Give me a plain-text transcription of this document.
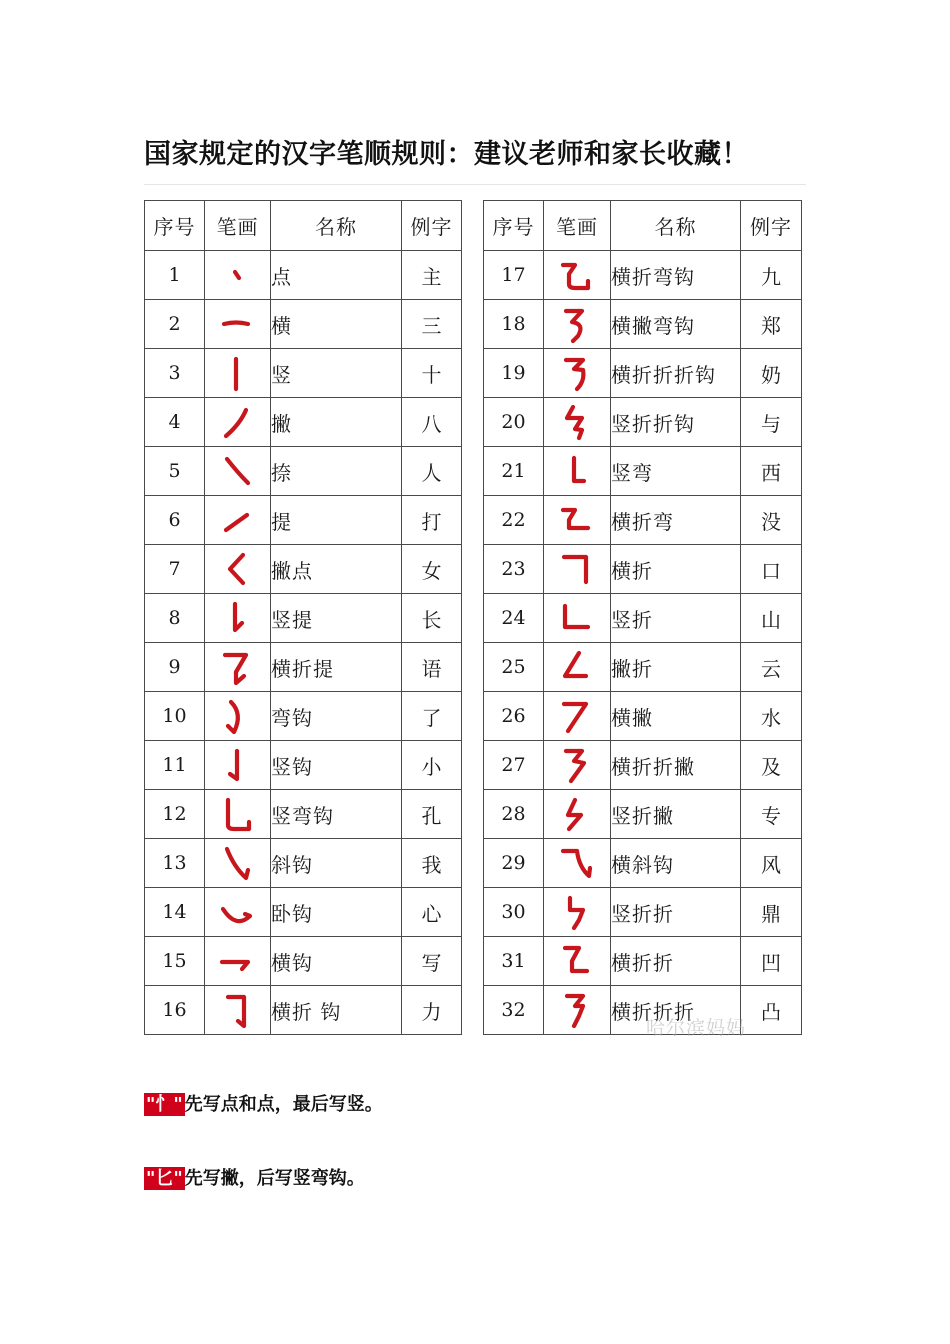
国家规定的汉字笔顺规则：建议老师和家长收藏！
序号	笔画	名称	例字
1		点	主
2		横	三
3		竖	十
4		撇	八
5		捺	人
6		提	打
7		撇点	女
8		竖提	长
9		横折提	语
10		弯钩	了
11		竖钩	小
12		竖弯钩	孔
13		斜钩	我
14		卧钩	心
15		横钩	写
16		横折 钩	力
序号	笔画	名称	例字
17		横折弯钩	九
18		横撇弯钩	郑
19		横折折折钩	奶
20		竖折折钩	与
21		竖弯	西
22		横折弯	没
23		横折	口
24		竖折	山
25		撇折	云
26		横撇	水
27		横折折撇	及
28		竖折撇	专
29		横斜钩	风
30		竖折折	鼎
31		横折折	凹
32		横折折折	凸
哈尔滨妈妈
"忄" 先写点和点，最后写竖。
"匕" 先写撇，后写竖弯钩。
